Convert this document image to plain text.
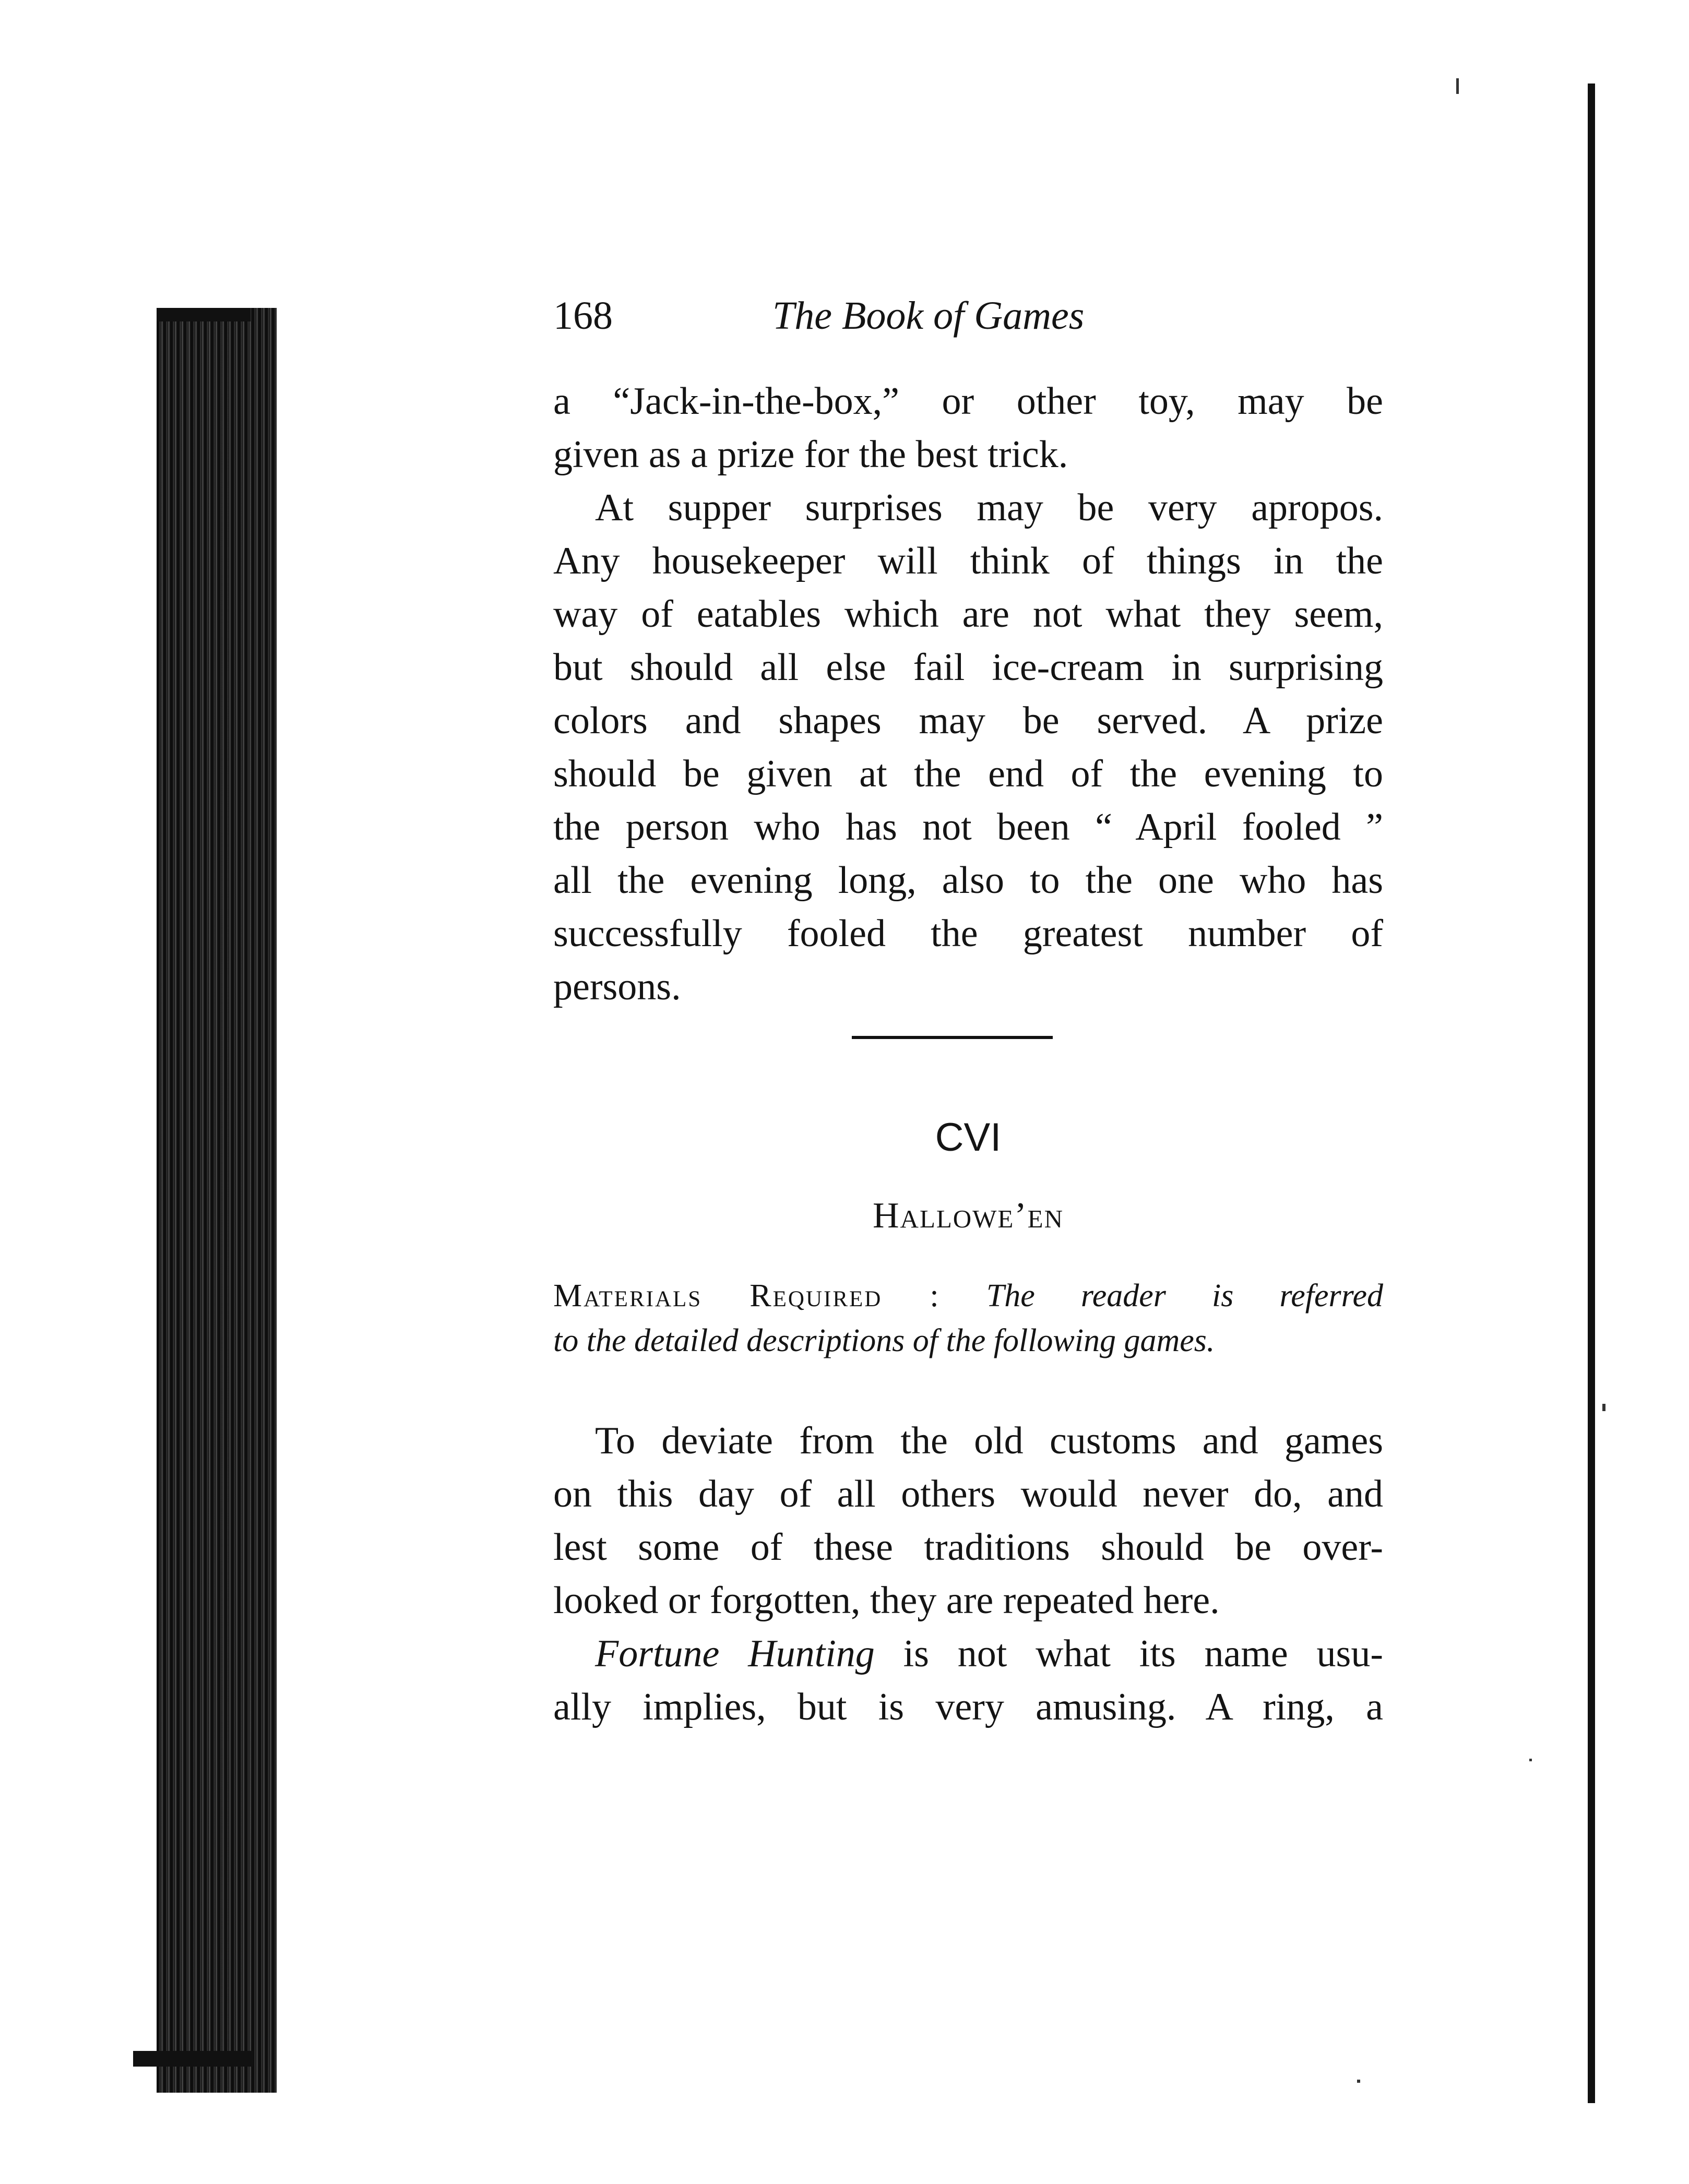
168	The Book of Games

a “Jack-in-the-box,” or other toy, may be
given as a prize for the best trick.

At supper surprises may be very apropos.
Any housekeeper will think of things in the
way of eatables which are not what they seem,
but should all else fail ice-cream in surprising
colors and shapes may be served. A prize
should be given at the end of the evening to
the person who has not been “ April fooled ”
all the evening long, also to the one who has
successfully fooled the greatest number of
persons.

CVI
Hallowe’en
Materials Required : The reader is referred
to the detailed descriptions of the following games.

To deviate from the old customs and games
on this day of all others would never do, and
lest some of these traditions should be over-
looked or forgotten, they are repeated here.

Fortune Hunting is not what its name usu-
ally implies, but is very amusing. A ring, a
